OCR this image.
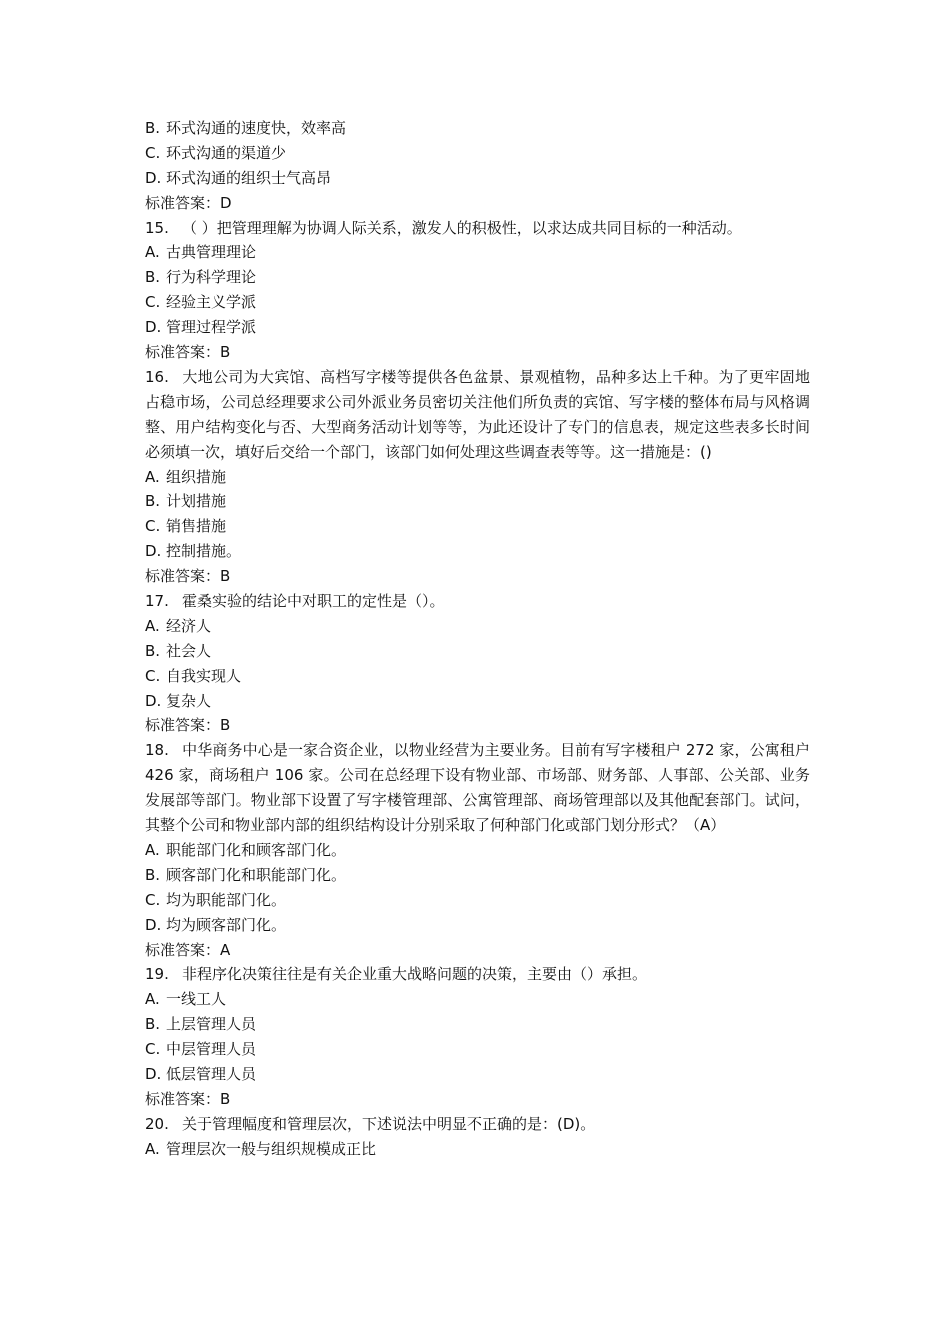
B. 环式沟通的速度快，效率高
C. 环式沟通的渠道少
D. 环式沟通的组织士气高昂
标准答案：D
15. （ ）把管理理解为协调人际关系，激发人的积极性，以求达成共同目标的一种活动。
A. 古典管理理论
B. 行为科学理论
C. 经验主义学派
D. 管理过程学派
标准答案：B
16. 大地公司为大宾馆、高档写字楼等提供各色盆景、景观植物，品种多达上千种。为了更牢固地占稳市场，公司总经理要求公司外派业务员密切关注他们所负责的宾馆、写字楼的整体布局与风格调整、用户结构变化与否、大型商务活动计划等等，为此还设计了专门的信息表，规定这些表多长时间必须填一次，填好后交给一个部门，该部门如何处理这些调查表等等。这一措施是：()
A. 组织措施
B. 计划措施
C. 销售措施
D. 控制措施。
标准答案：B
17. 霍桑实验的结论中对职工的定性是（）。
A. 经济人
B. 社会人
C. 自我实现人
D. 复杂人
标准答案：B
18. 中华商务中心是一家合资企业，以物业经营为主要业务。目前有写字楼租户 272 家，公寓租户 426 家，商场租户 106 家。公司在总经理下设有物业部、市场部、财务部、人事部、公关部、业务发展部等部门。物业部下设置了写字楼管理部、公寓管理部、商场管理部以及其他配套部门。试问，其整个公司和物业部内部的组织结构设计分别采取了何种部门化或部门划分形式？（A）
A. 职能部门化和顾客部门化。
B. 顾客部门化和职能部门化。
C. 均为职能部门化。
D. 均为顾客部门化。
标准答案：A
19. 非程序化决策往往是有关企业重大战略问题的决策，主要由（）承担。
A. 一线工人
B. 上层管理人员
C. 中层管理人员
D. 低层管理人员
标准答案：B
20. 关于管理幅度和管理层次，下述说法中明显不正确的是：(D)。
A. 管理层次一般与组织规模成正比
